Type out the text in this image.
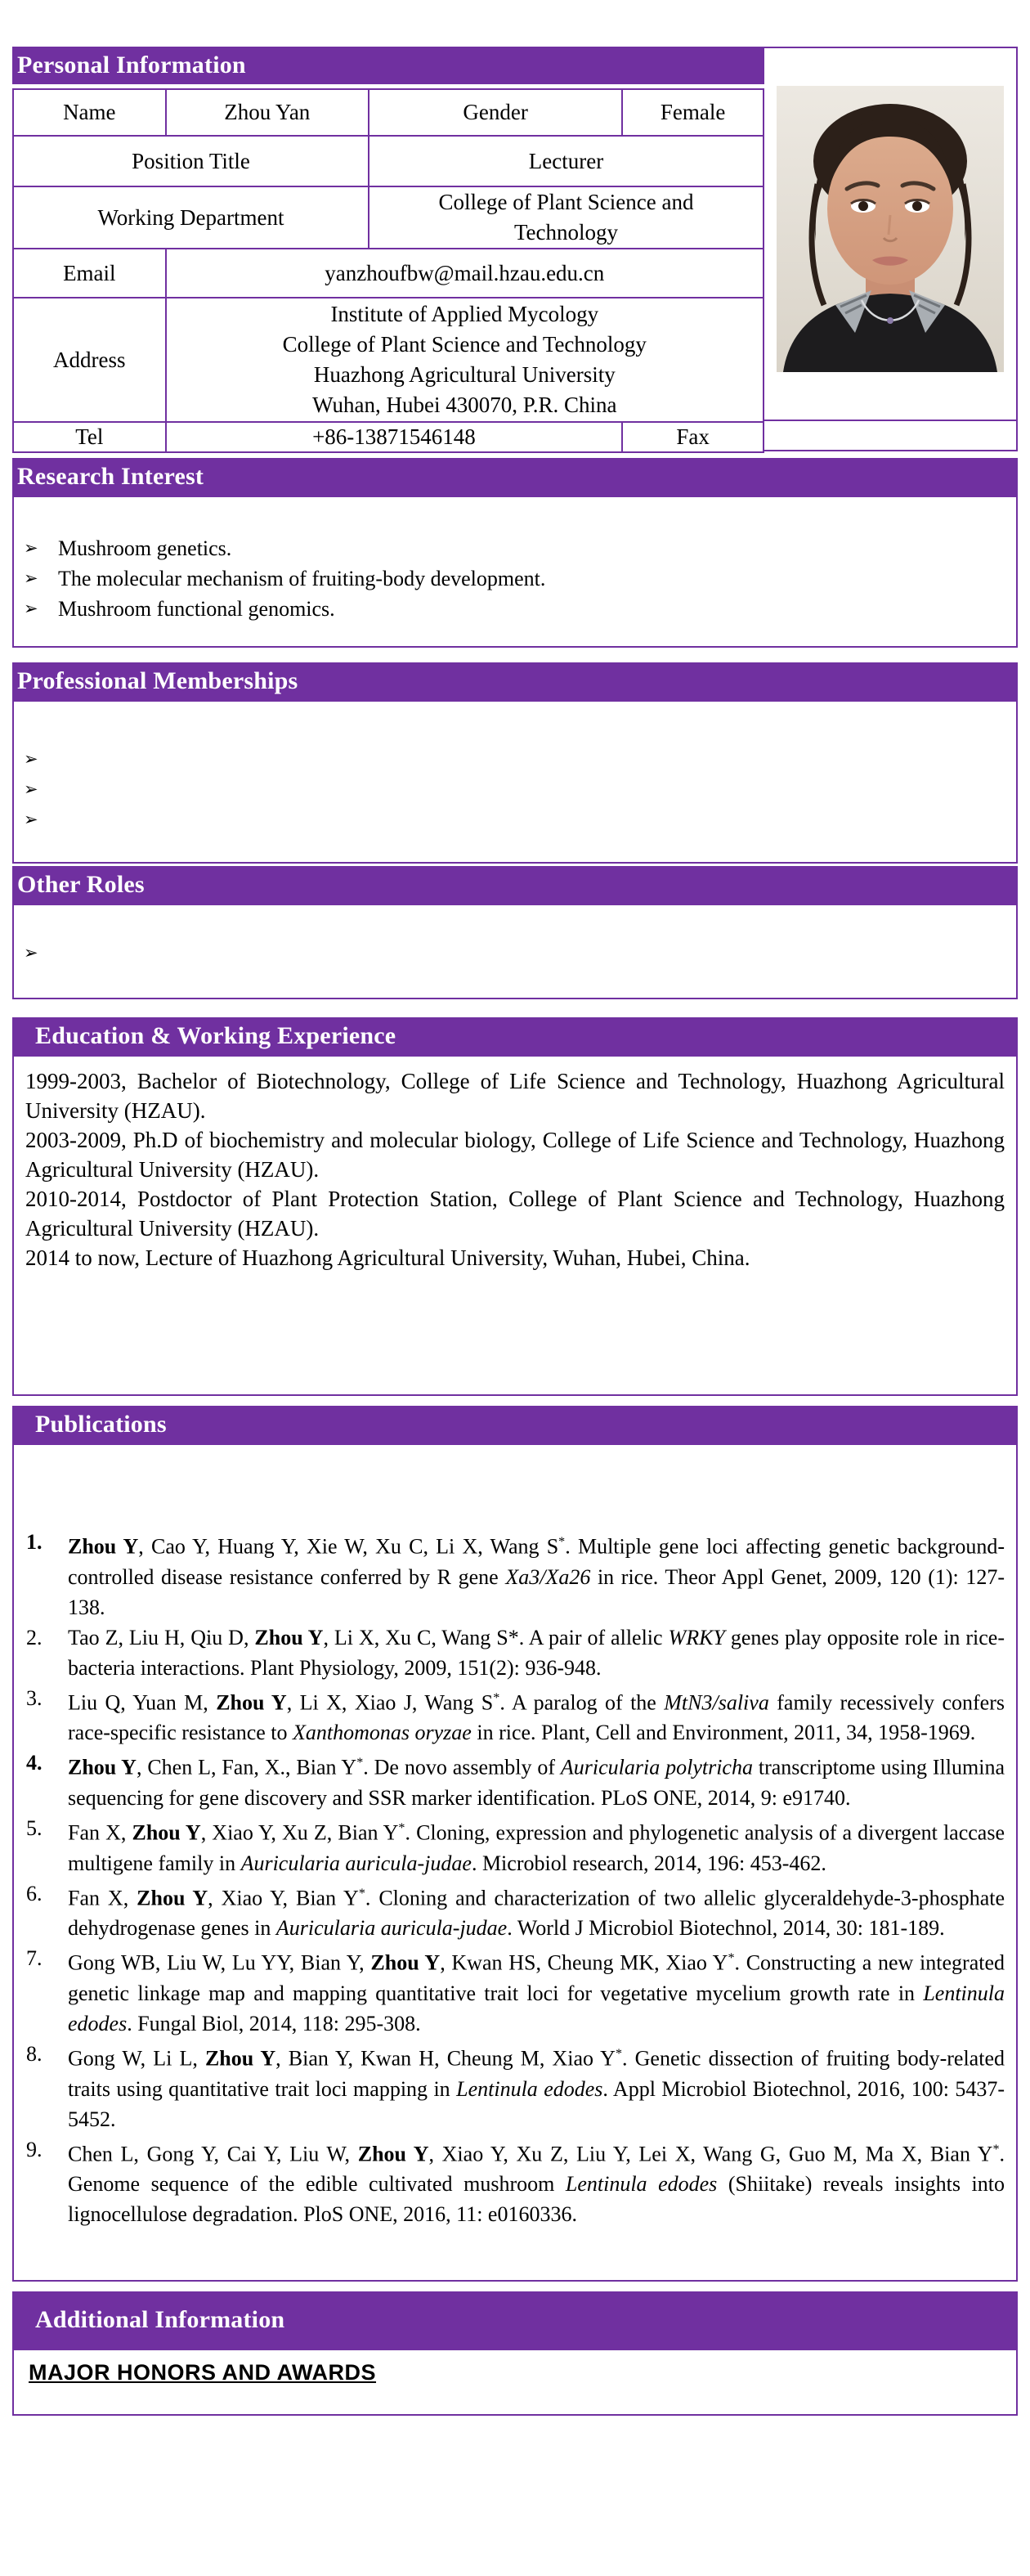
Personal Information
Name	Zhou Yan	Gender	Female
Position Title		Lecturer	
Working Department		College of Plant Science and
Technology	

Email	yanzhoufbw@mail.hzau.edu.cn		
Address	Institute of Applied Mycology
College of Plant Science and Technology
Huazhong Agricultural University
Wuhan, Hubei 430070, P.R. China		

Tel	+86-13871546148		Fax
Research Interest
➢ Mushroom genetics.
➢ The molecular mechanism of fruiting-body development.
➢ Mushroom functional genomics.
Professional Memberships
➢
➢
➢
Other Roles
➢
Education & Working Experience

1999-2003, Bachelor of Biotechnology, College of Life Science and Technology, Huazhong Agricultural University (HZAU).

2003-2009, Ph.D of biochemistry and molecular biology, College of Life Science and Technology, Huazhong Agricultural University (HZAU).

2010-2014, Postdoctor of Plant Protection Station, College of Plant Science and Technology, Huazhong Agricultural University (HZAU).

2014 to now, Lecture of Huazhong Agricultural University, Wuhan, Hubei, China.

Publications
1.	Zhou Y, Cao Y, Huang Y, Xie W, Xu C, Li X, Wang S*. Multiple gene loci affecting genetic background-controlled disease resistance conferred by R gene Xa3/Xa26 in rice. Theor Appl Genet, 2009, 120 (1): 127-138.
2.	Tao Z, Liu H, Qiu D, Zhou Y, Li X, Xu C, Wang S*. A pair of allelic WRKY genes play opposite role in rice-bacteria interactions. Plant Physiology, 2009, 151(2): 936-948.
3.	Liu Q, Yuan M, Zhou Y, Li X, Xiao J, Wang S*. A paralog of the MtN3/saliva family recessively confers race-specific resistance to Xanthomonas oryzae in rice. Plant, Cell and Environment, 2011, 34, 1958-1969.
4.	Zhou Y, Chen L, Fan, X., Bian Y*. De novo assembly of Auricularia polytricha transcriptome using Illumina sequencing for gene discovery and SSR marker identification. PLoS ONE, 2014, 9: e91740.
5.	Fan X, Zhou Y, Xiao Y, Xu Z, Bian Y*. Cloning, expression and phylogenetic analysis of a divergent laccase multigene family in Auricularia auricula-judae. Microbiol research, 2014, 196: 453-462.
6.	Fan X, Zhou Y, Xiao Y, Bian Y*. Cloning and characterization of two allelic glyceraldehyde-3-phosphate dehydrogenase genes in Auricularia auricula-judae. World J Microbiol Biotechnol, 2014, 30: 181-189.
7.	Gong WB, Liu W, Lu YY, Bian Y, Zhou Y, Kwan HS, Cheung MK, Xiao Y*. Constructing a new integrated genetic linkage map and mapping quantitative trait loci for vegetative mycelium growth rate in Lentinula edodes. Fungal Biol, 2014, 118: 295-308.
8.	Gong W, Li L, Zhou Y, Bian Y, Kwan H, Cheung M, Xiao Y*. Genetic dissection of fruiting body-related traits using quantitative trait loci mapping in Lentinula edodes. Appl Microbiol Biotechnol, 2016, 100: 5437-5452.
9.	Chen L, Gong Y, Cai Y, Liu W, Zhou Y, Xiao Y, Xu Z, Liu Y, Lei X, Wang G, Guo M, Ma X, Bian Y*. Genome sequence of the edible cultivated mushroom Lentinula edodes (Shiitake) reveals insights into lignocellulose degradation. PloS ONE, 2016, 11: e0160336.
Additional Information
MAJOR HONORS AND AWARDS
